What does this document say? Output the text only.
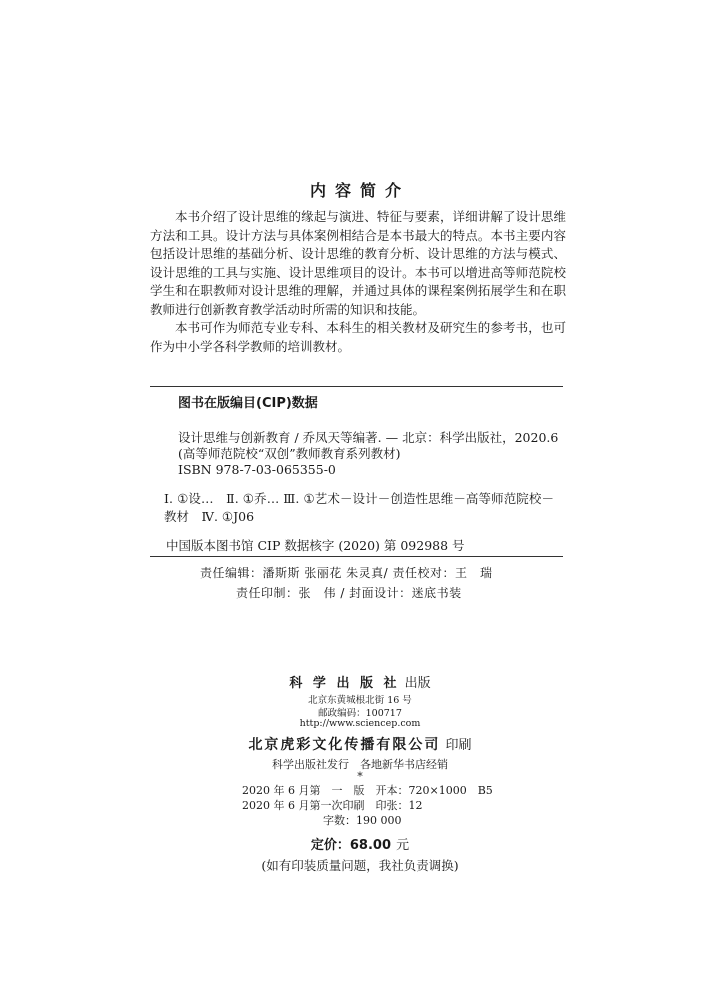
内容简介

本书介绍了设计思维的缘起与演进、特征与要素，详细讲解了设计思维方法和工具。设计方法与具体案例相结合是本书最大的特点。本书主要内容包括设计思维的基础分析、设计思维的教育分析、设计思维的方法与模式、设计思维的工具与实施、设计思维项目的设计。本书可以增进高等师范院校学生和在职教师对设计思维的理解，并通过具体的课程案例拓展学生和在职教师进行创新教育教学活动时所需的知识和技能。

本书可作为师范专业专科、本科生的相关教材及研究生的参考书，也可作为中小学各科学教师的培训教材。

图书在版编目(CIP)数据
设计思维与创新教育 / 乔凤天等编著. — 北京：科学出版社，2020.6
(高等师范院校“双创”教师教育系列教材)
ISBN 978-7-03-065355-0
Ⅰ. ①设…　Ⅱ. ①乔… Ⅲ. ①艺术－设计－创造性思维－高等师范院校－教材　Ⅳ. ①J06
中国版本图书馆 CIP 数据核字 (2020) 第 092988 号
责任编辑：潘斯斯 张丽花 朱灵真/ 责任校对：王　瑞
责任印制：张　伟 / 封面设计：迷底书装
科 学 出 版 社 出版
北京东黄城根北街 16 号
邮政编码：100717
http://www.sciencep.com
北京虎彩文化传播有限公司 印刷
科学出版社发行　各地新华书店经销
*
2020 年 6 月第　一　版　开本：720×1000　B5
2020 年 6 月第一次印刷　印张：12
字数：190 000
定价：68.00 元
(如有印装质量问题，我社负责调换)
